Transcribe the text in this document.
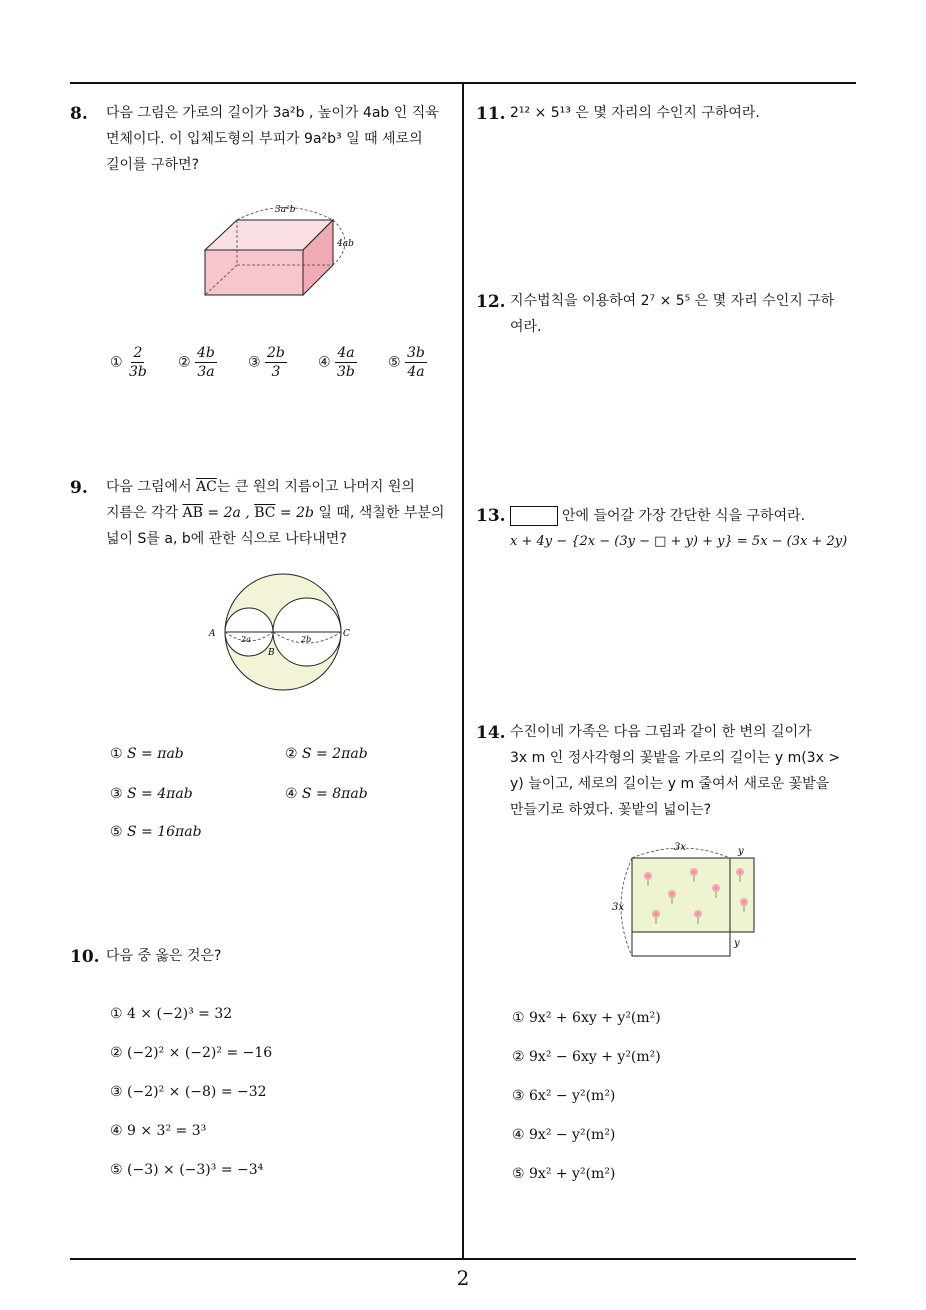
8. 다음 그림은 가로의 길이가 3a²b , 높이가 4ab 인 직육
면체이다. 이 입체도형의 부피가 9a²b³ 일 때 세로의
길이를 구하면?
3a²b
4ab
① $\frac{2}{3b}$ ② $\frac{4b}{3a}$ ③ $\frac{2b}{3}$ ④ $\frac{4a}{3b}$ ⑤ $\frac{3b}{4a}$
9. 다음 그림에서 $\overline{AC}$는 큰 원의 지름이고 나머지 원의
지름은 각각 $\overline{AB} = 2a$ , $\overline{BC} = 2b$ 일 때, 색칠한 부분의
넓이 S를 a, b에 관한 식으로 나타내면?
A
B
C
2a	2b
① S = πab	② S = 2πab
③ S = 4πab	④ S = 8πab
⑤ S = 16πab
10. 다음 중 옳은 것은?
① 4 × (−2)³ = 32
② (−2)² × (−2)² = −16
③ (−2)² × (−8) = −32
④ 9 × 3² = 3³
⑤ (−3) × (−3)³ = −3⁴
11. 2¹² × 5¹³ 은 몇 자리의 수인지 구하여라.
12. 지수법칙을 이용하여 2⁷ × 5⁵ 은 몇 자리 수인지 구하
여라.
13.	안에 들어갈 가장 간단한 식을 구하여라.
x + 4y − {2x − (3y − □ + y) + y} = 5x − (3x + 2y)
14. 수진이네 가족은 다음 그림과 같이 한 변의 길이가
3x m 인 정사각형의 꽃밭을 가로의 길이는 y m(3x >
y) 늘이고, 세로의 길이는 y m 줄여서 새로운 꽃밭을
만들기로 하였다. 꽃밭의 넓이는?
3x
3x
y
y
① 9x² + 6xy + y²(m²)
② 9x² − 6xy + y²(m²)
③ 6x² − y²(m²)
④ 9x² − y²(m²)
⑤ 9x² + y²(m²)
2
